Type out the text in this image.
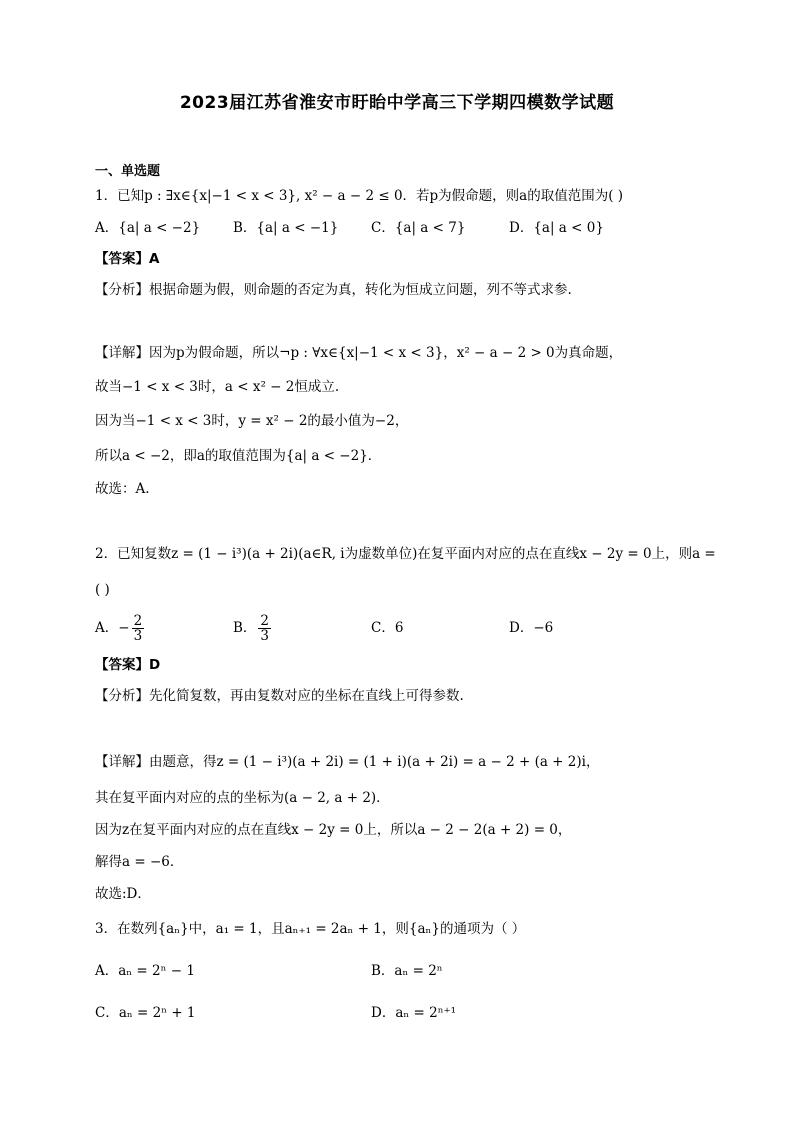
2023届江苏省淮安市盱眙中学高三下学期四模数学试题
一、单选题
1．已知p : ∃x∈{x|−1 < x < 3}, x² − a − 2 ≤ 0．若p为假命题，则a的取值范围为( )
A．{a| a < −2} B．{a| a < −1} C．{a| a < 7}	D．{a| a < 0}
【答案】A
【分析】根据命题为假，则命题的否定为真，转化为恒成立问题，列不等式求参.
【详解】因为p为假命题，所以¬p : ∀x∈{x|−1 < x < 3}，x² − a − 2 > 0为真命题，
故当−1 < x < 3时，a < x² − 2恒成立.
因为当−1 < x < 3时，y = x² − 2的最小值为−2，
所以a < −2，即a的取值范围为{a| a < −2}．
故选：A.
2．已知复数z = (1 − i³)(a + 2i)(a∈R, i为虚数单位)在复平面内对应的点在直线x − 2y = 0上，则a =
( )
A．− $\frac{2}{3}$	B． $\frac{2}{3}$	C．6	D．−6
【答案】D
【分析】先化简复数，再由复数对应的坐标在直线上可得参数.
【详解】由题意，得z = (1 − i³)(a + 2i) = (1 + i)(a + 2i) = a − 2 + (a + 2)i，
其在复平面内对应的点的坐标为(a − 2, a + 2)．
因为z在复平面内对应的点在直线x − 2y = 0上，所以a − 2 − 2(a + 2) = 0，
解得a = −6．
故选:D．
3．在数列{aₙ}中，a₁ = 1，且aₙ₊₁ = 2aₙ + 1，则{aₙ}的通项为（ ）
A．aₙ = 2ⁿ − 1	B．aₙ = 2ⁿ
C．aₙ = 2ⁿ + 1	D．aₙ = 2ⁿ⁺¹
